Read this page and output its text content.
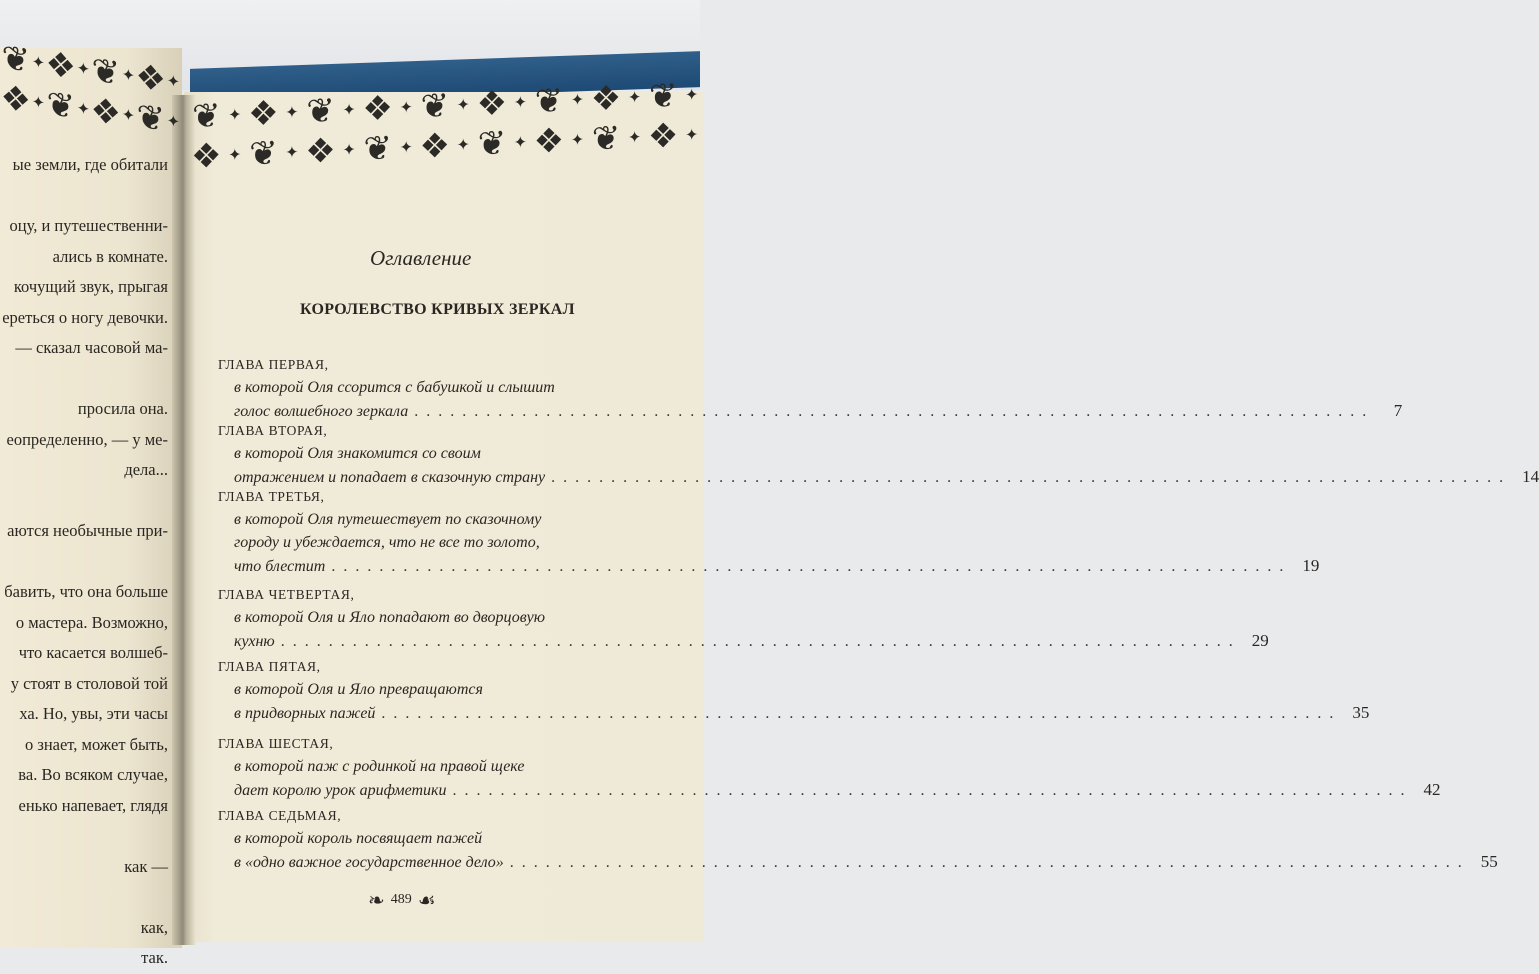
❦ ✦ ❖ ✦ ❦ ✦ ❖ ✦
❖ ✦ ❦ ✦ ❖ ✦ ❦ ✦ ❦ ✦ ❖ ✦ ❦ ✦ ❖ ✦ ❦ ✦ ❖ ✦ ❦ ✦ ❖ ✦ ❦ ✦
❖ ✦ ❦ ✦ ❖ ✦ ❦ ✦ ❖ ✦ ❦ ✦ ❖ ✦ ❦ ✦ ❖ ✦
ые земли, где обитали
оцу, и путешественни-
ались в комнате.
кочущий звук, прыгая
ереться о ногу девочки.
— сказал часовой ма-
просила она.
еопределенно, — у ме-
дела...
аются необычные при-
бавить, что она больше
о мастера. Возможно,
что касается волшеб-
у стоят в столовой той
ха. Но, увы, эти часы
о знает, может быть,
ва. Во всяком случае,
енько напевает, глядя
как —
как,
так.
Оглавление
КОРОЛЕВСТВО КРИВЫХ ЗЕРКАЛ
ГЛАВА ПЕРВАЯ,
в которой Оля ссорится с бабушкой и слышит
голос волшебного зеркала . . . . . . . . . . . . . . . . . . . . . . . . . . . . . . . . . . . . . . . . . . . . . . . . . . . . . . . . . . . . . . . . . . . . . . . . . . . . . . . .	7
ГЛАВА ВТОРАЯ,
в которой Оля знакомится со своим
отражением и попадает в сказочную страну . . . . . . . . . . . . . . . . . . . . . . . . . . . . . . . . . . . . . . . . . . . . . . . . . . . . . . . . . . . . . . . . . . . . . . . . . . . . . . . .	14
ГЛАВА ТРЕТЬЯ,
в которой Оля путешествует по сказочному
городу и убеждается, что не все то золото,
что блестит . . . . . . . . . . . . . . . . . . . . . . . . . . . . . . . . . . . . . . . . . . . . . . . . . . . . . . . . . . . . . . . . . . . . . . . . . . . . . . . .	19
ГЛАВА ЧЕТВЕРТАЯ,
в которой Оля и Яло попадают во дворцовую
кухню . . . . . . . . . . . . . . . . . . . . . . . . . . . . . . . . . . . . . . . . . . . . . . . . . . . . . . . . . . . . . . . . . . . . . . . . . . . . . . . .	29
ГЛАВА ПЯТАЯ,
в которой Оля и Яло превращаются
в придворных пажей . . . . . . . . . . . . . . . . . . . . . . . . . . . . . . . . . . . . . . . . . . . . . . . . . . . . . . . . . . . . . . . . . . . . . . . . . . . . . . . .	35
ГЛАВА ШЕСТАЯ,
в которой паж с родинкой на правой щеке
дает королю урок арифметики . . . . . . . . . . . . . . . . . . . . . . . . . . . . . . . . . . . . . . . . . . . . . . . . . . . . . . . . . . . . . . . . . . . . . . . . . . . . . . . .	42
ГЛАВА СЕДЬМАЯ,
в которой король посвящает пажей
в «одно важное государственное дело» . . . . . . . . . . . . . . . . . . . . . . . . . . . . . . . . . . . . . . . . . . . . . . . . . . . . . . . . . . . . . . . . . . . . . . . . . . . . . . . .	55
❧ 489 ☙
